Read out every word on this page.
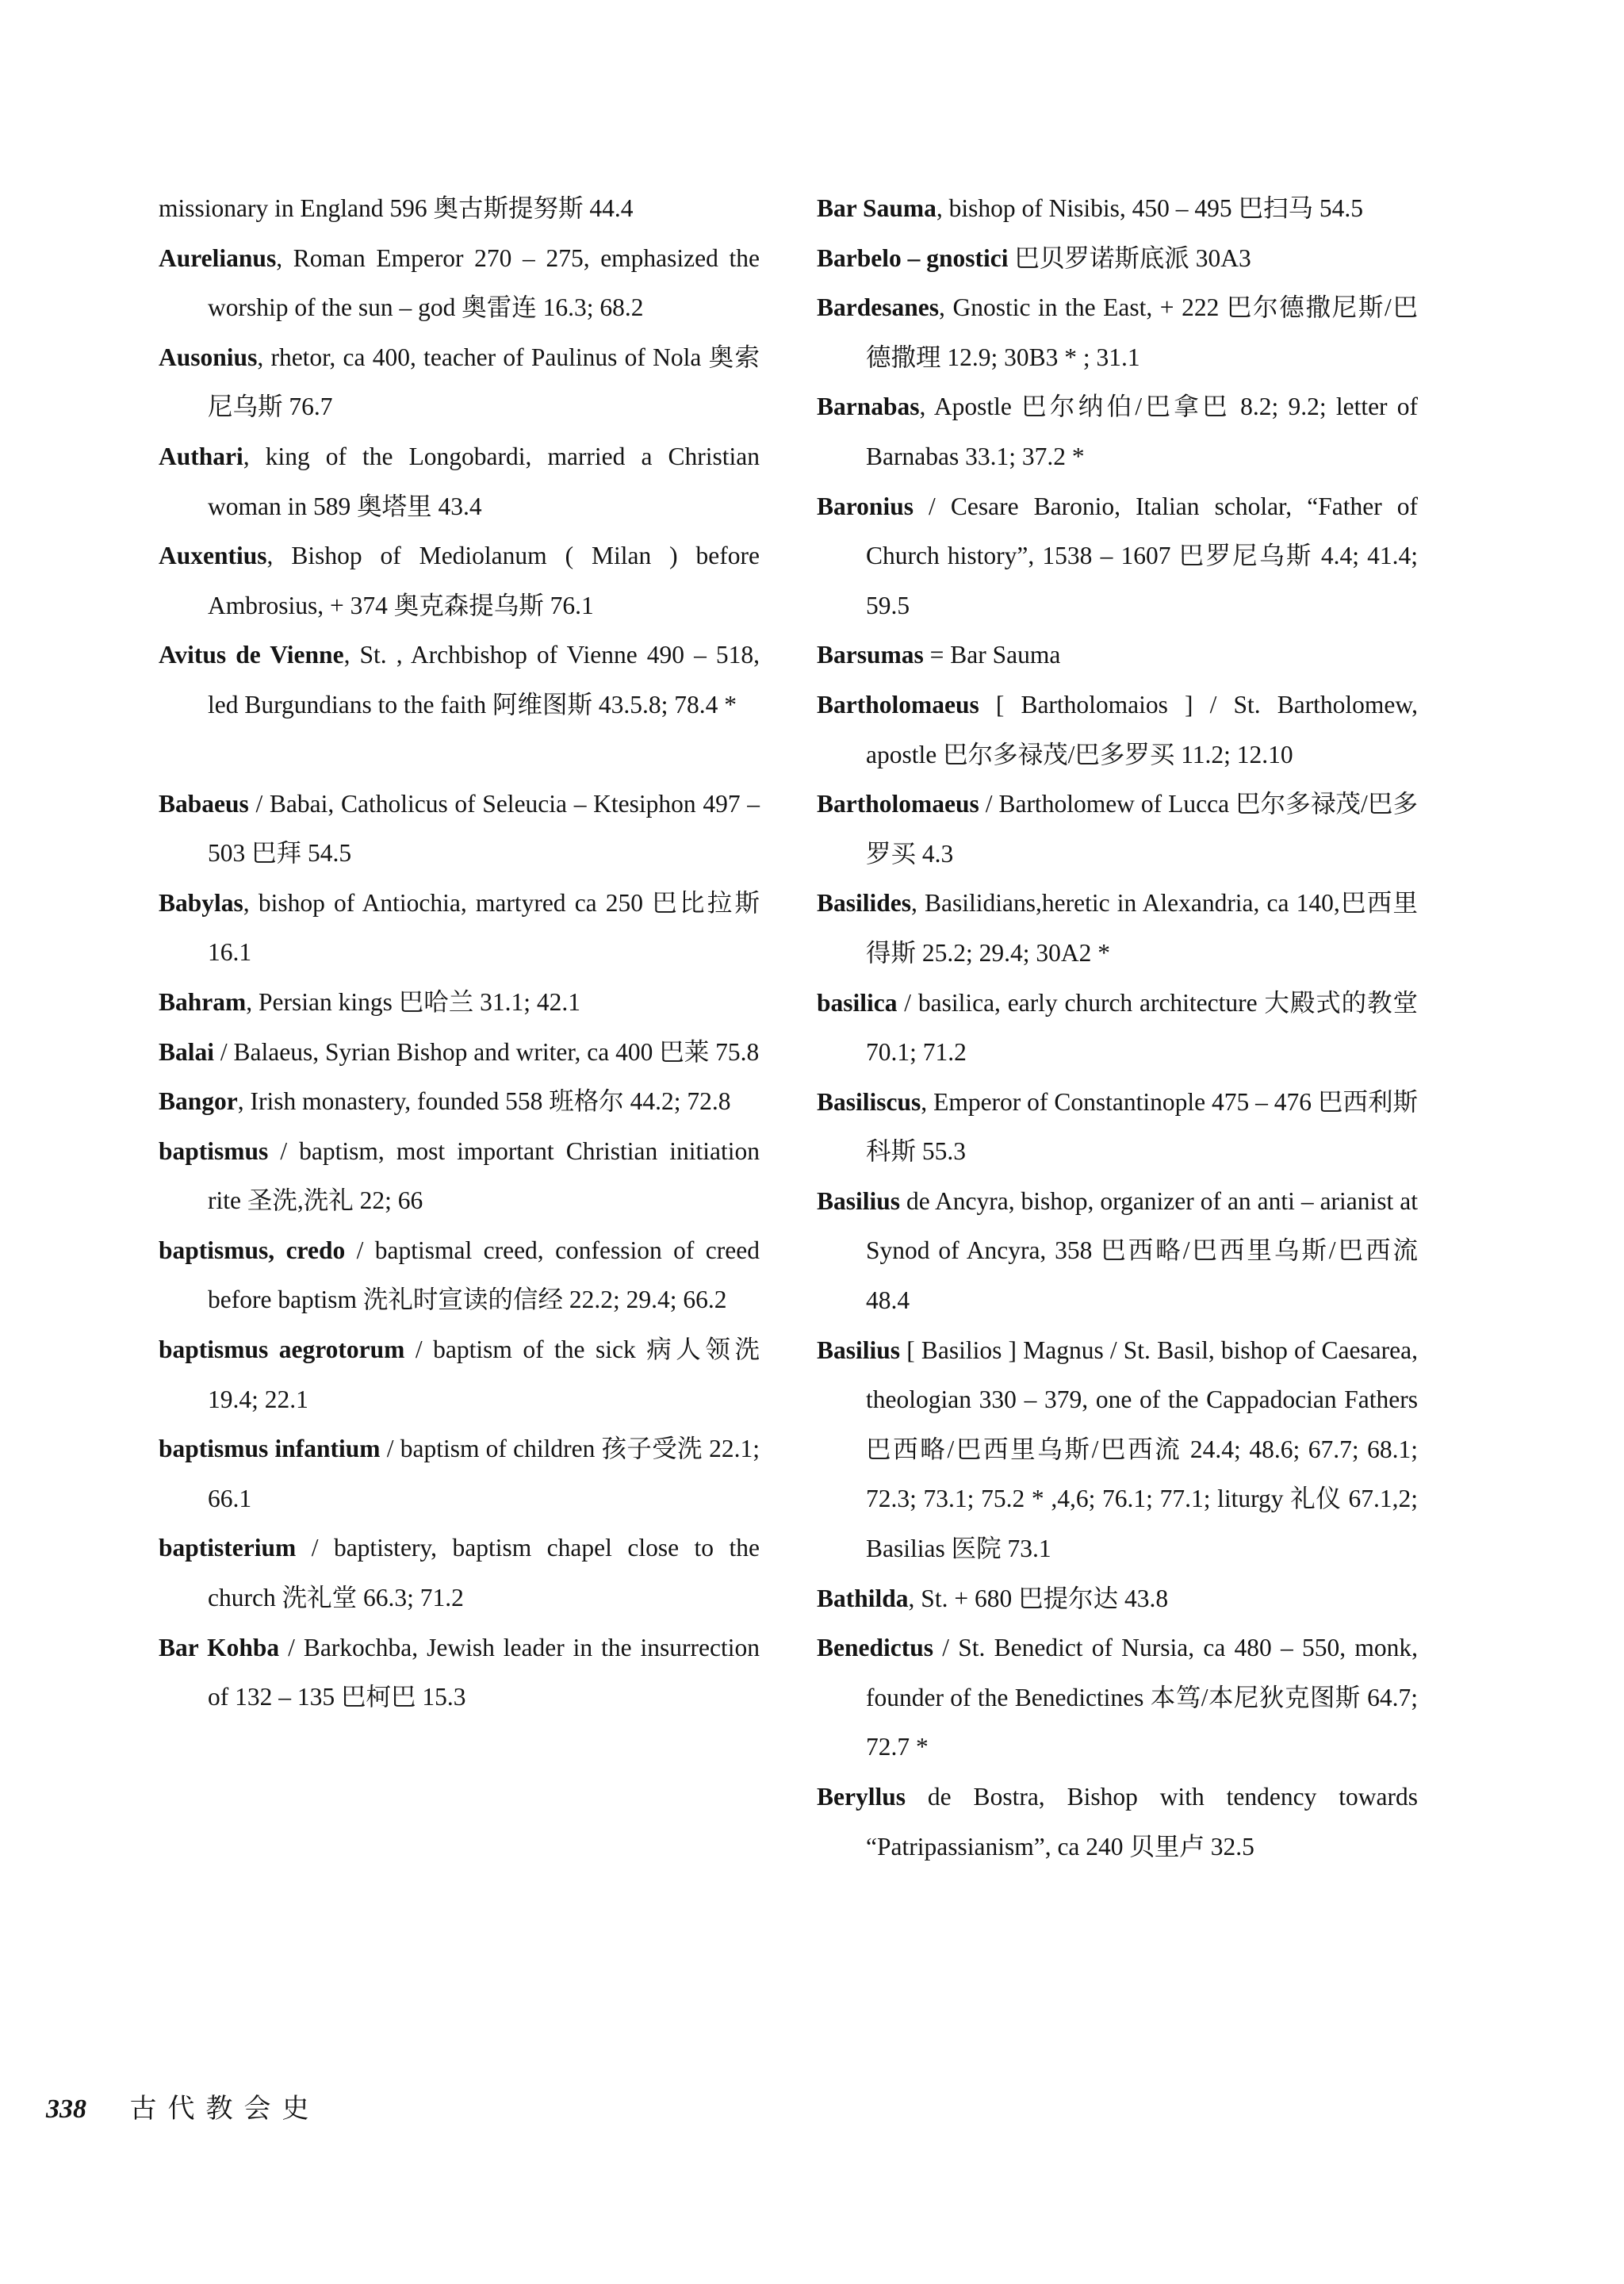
missionary in England 596 奥古斯提努斯 44.4

Aurelianus, Roman Emperor 270 – 275, emphasized the worship of the sun – god 奥雷连 16.3; 68.2

Ausonius, rhetor, ca 400, teacher of Paulinus of Nola 奥索尼乌斯 76.7

Authari, king of the Longobardi, married a Christian woman in 589 奥塔里 43.4

Auxentius, Bishop of Mediolanum ( Milan ) before Ambrosius, + 374 奥克森提乌斯 76.1

Avitus de Vienne, St. , Archbishop of Vienne 490 – 518, led Burgundians to the faith 阿维图斯 43.5.8; 78.4 *

Babaeus / Babai, Catholicus of Seleucia – Ktesiphon 497 – 503 巴拜 54.5

Babylas, bishop of Antiochia, martyred ca 250 巴比拉斯 16.1

Bahram, Persian kings 巴哈兰 31.1; 42.1

Balai / Balaeus, Syrian Bishop and writer, ca 400 巴莱 75.8

Bangor, Irish monastery, founded 558 班格尔 44.2; 72.8

baptismus / baptism, most important Christian initiation rite 圣洗,洗礼 22; 66

baptismus, credo / baptismal creed, confession of creed before baptism 洗礼时宣读的信经 22.2; 29.4; 66.2

baptismus aegrotorum / baptism of the sick 病人领洗 19.4; 22.1

baptismus infantium / baptism of children 孩子受洗 22.1; 66.1

baptisterium / baptistery, baptism chapel close to the church 洗礼堂 66.3; 71.2

Bar Kohba / Barkochba, Jewish leader in the insurrection of 132 – 135 巴柯巴 15.3

Bar Sauma, bishop of Nisibis, 450 – 495 巴扫马 54.5

Barbelo – gnostici 巴贝罗诺斯底派 30A3

Bardesanes, Gnostic in the East, + 222 巴尔德撒尼斯/巴德撒理 12.9; 30B3 * ; 31.1

Barnabas, Apostle 巴尔纳伯/巴拿巴 8.2; 9.2; letter of Barnabas 33.1; 37.2 *

Baronius / Cesare Baronio, Italian scholar, “Father of Church history”, 1538 – 1607 巴罗尼乌斯 4.4; 41.4; 59.5

Barsumas = Bar Sauma

Bartholomaeus [ Bartholomaios ] / St. Bartholomew, apostle 巴尔多禄茂/巴多罗买 11.2; 12.10

Bartholomaeus / Bartholomew of Lucca 巴尔多禄茂/巴多罗买 4.3

Basilides, Basilidians,heretic in Alexandria, ca 140,巴西里得斯 25.2; 29.4; 30A2 *

basilica / basilica, early church architecture 大殿式的教堂 70.1; 71.2

Basiliscus, Emperor of Constantinople 475 – 476 巴西利斯科斯 55.3

Basilius de Ancyra, bishop, organizer of an anti – arianist at Synod of Ancyra, 358 巴西略/巴西里乌斯/巴西流 48.4

Basilius [ Basilios ] Magnus / St. Basil, bishop of Caesarea, theologian 330 – 379, one of the Cappadocian Fathers 巴西略/巴西里乌斯/巴西流 24.4; 48.6; 67.7; 68.1; 72.3; 73.1; 75.2 * ,4,6; 76.1; 77.1; liturgy 礼仪 67.1,2; Basilias 医院 73.1

Bathilda, St. + 680 巴提尔达 43.8

Benedictus / St. Benedict of Nursia, ca 480 – 550, monk, founder of the Benedictines 本笃/本尼狄克图斯 64.7; 72.7 *

Beryllus de Bostra, Bishop with tendency towards “Patripassianism”, ca 240 贝里卢 32.5

338 古代教会史
